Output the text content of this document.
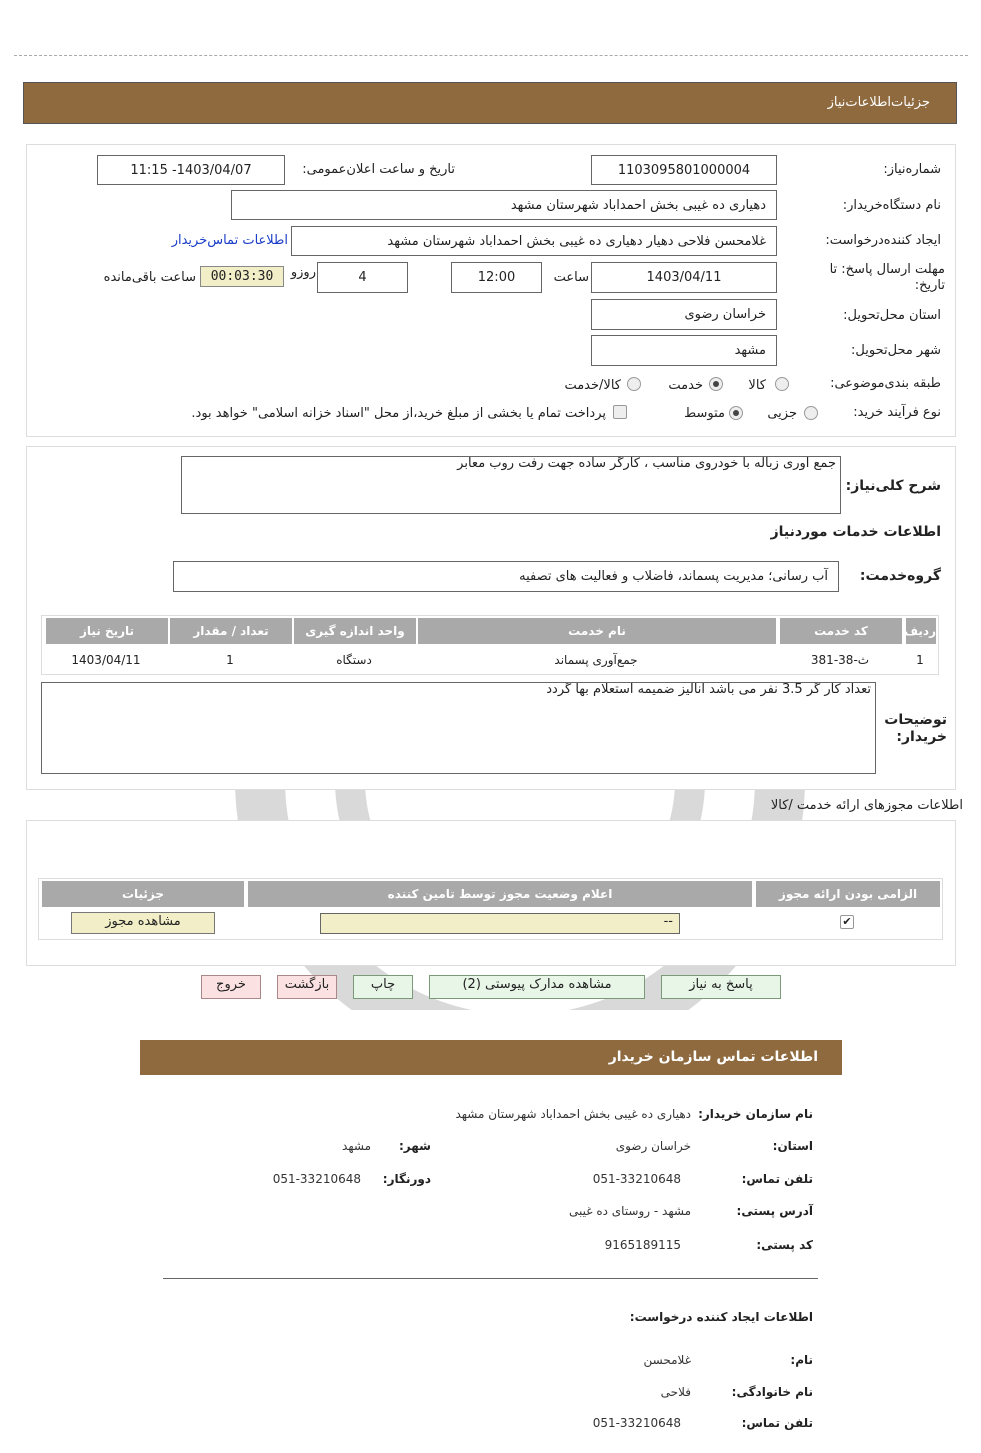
جزئیات‌اطلاعات‌نیاز
شماره‌نیاز:
1103095801000004
تاریخ و ساعت اعلان‌عمومی:
1403/04/07- 11:15
نام دستگاه‌خریدار:
دهیاری ده غیبی بخش احمداباد شهرستان مشهد
ایجاد کننده‌درخواست:
غلامحسن فلاحی دهیار دهیاری ده غیبی بخش احمداباد شهرستان مشهد
اطلاعات تماس‌خریدار
مهلت ارسال پاسخ: تا تاریخ:
1403/04/11
ساعت
12:00
4
روزو
00:03:30
ساعت باقی‌مانده
استان محل‌تحویل:
خراسان رضوی
شهر محل‌تحویل:
مشهد
طبقه بندی‌موضوعی:
کالا
خدمت
کالا/خدمت
نوع فرآیند خرید:
جزیی
متوسط
پرداخت تمام یا بخشی از مبلغ خرید،از محل "اسناد خزانه اسلامی" خواهد بود.
شرح کلی‌نیاز:
جمع آوری زباله با خودروی مناسب ، کارگر ساده جهت رفت روب معابر
اطلاعات خدمات موردنیاز
گروه‌خدمت:
آب رسانی؛ مدیریت پسماند، فاضلاب و فعالیت های تصفیه
ردیف
کد خدمت
نام خدمت
واحد اندازه گیری
تعداد / مقدار
تاریخ نیاز
1
ث-38-381
جمع‌آوری پسماند
دستگاه
1
1403/04/11
توضیحات خریدار:
تعداد کار گر 3.5 نفر می باشد انالیز ضمیمه استعلام بها گردد
اطلاعات مجوزهای ارائه خدمت /کالا
الزامی بودن ارائه مجوز
اعلام وضعیت مجوز توسط تامین کننده
جزئیات
✔
--
مشاهده مجوز
پاسخ به نیاز
مشاهده مدارک پیوستی (2)
چاپ
بازگشت
خروج
اطلاعات تماس سازمان خریدار
نام سازمان خریدار:
دهیاری ده غیبی بخش احمداباد شهرستان مشهد
استان:
خراسان رضوی
شهر:
مشهد
تلفن تماس:
051-33210648
دورنگار:
051-33210648
آدرس پستی:
مشهد - روستای ده غیبی
کد پستی:
9165189115
اطلاعات ایجاد کننده درخواست:
نام:
غلامحسن
نام خانوادگی:
فلاحی
تلفن تماس:
051-33210648
